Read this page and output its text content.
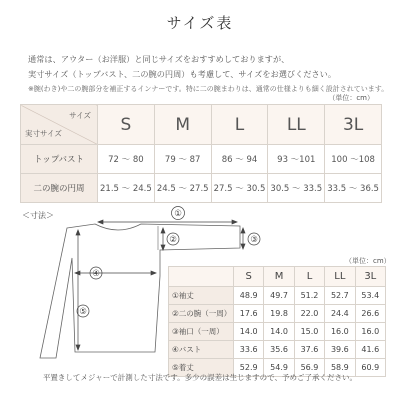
サイズ表
通常は、アウター（お洋服）と同じサイズをおすすめしておりますが、
実寸サイズ（トップバスト、二の腕の円周）も考慮して、サイズをお選びください。
※腕(わき)や二の腕部分を補正するインナーです。特に二の腕まわりは、通常の仕様よりも細く設計されています。
（単位：cm）
サイズ
実寸サイズ	S	M	L	LL	3L
トップバスト	72 〜 80	79 〜 87	86 〜 94	93 〜101	100 〜108
二の腕の円周	21.5 〜 24.5	24.5 〜 27.5	27.5 〜 30.5	30.5 〜 33.5	33.5 〜 36.5
＜寸法＞	①
②	③
④
⑤
（単位：cm）
	S	M	L	LL	3L
①袖丈	48.9	49.7	51.2	52.7	53.4
②二の腕（一周）	17.6	19.8	22.0	24.4	26.6
③袖口（一周）	14.0	14.0	15.0	16.0	16.0
④バスト	33.6	35.6	37.6	39.6	41.6
⑤着丈	52.9	54.9	56.9	58.9	60.9
平置きしてメジャーで計測した寸法です。多少の誤差は生じますので、予めご了承ください。
